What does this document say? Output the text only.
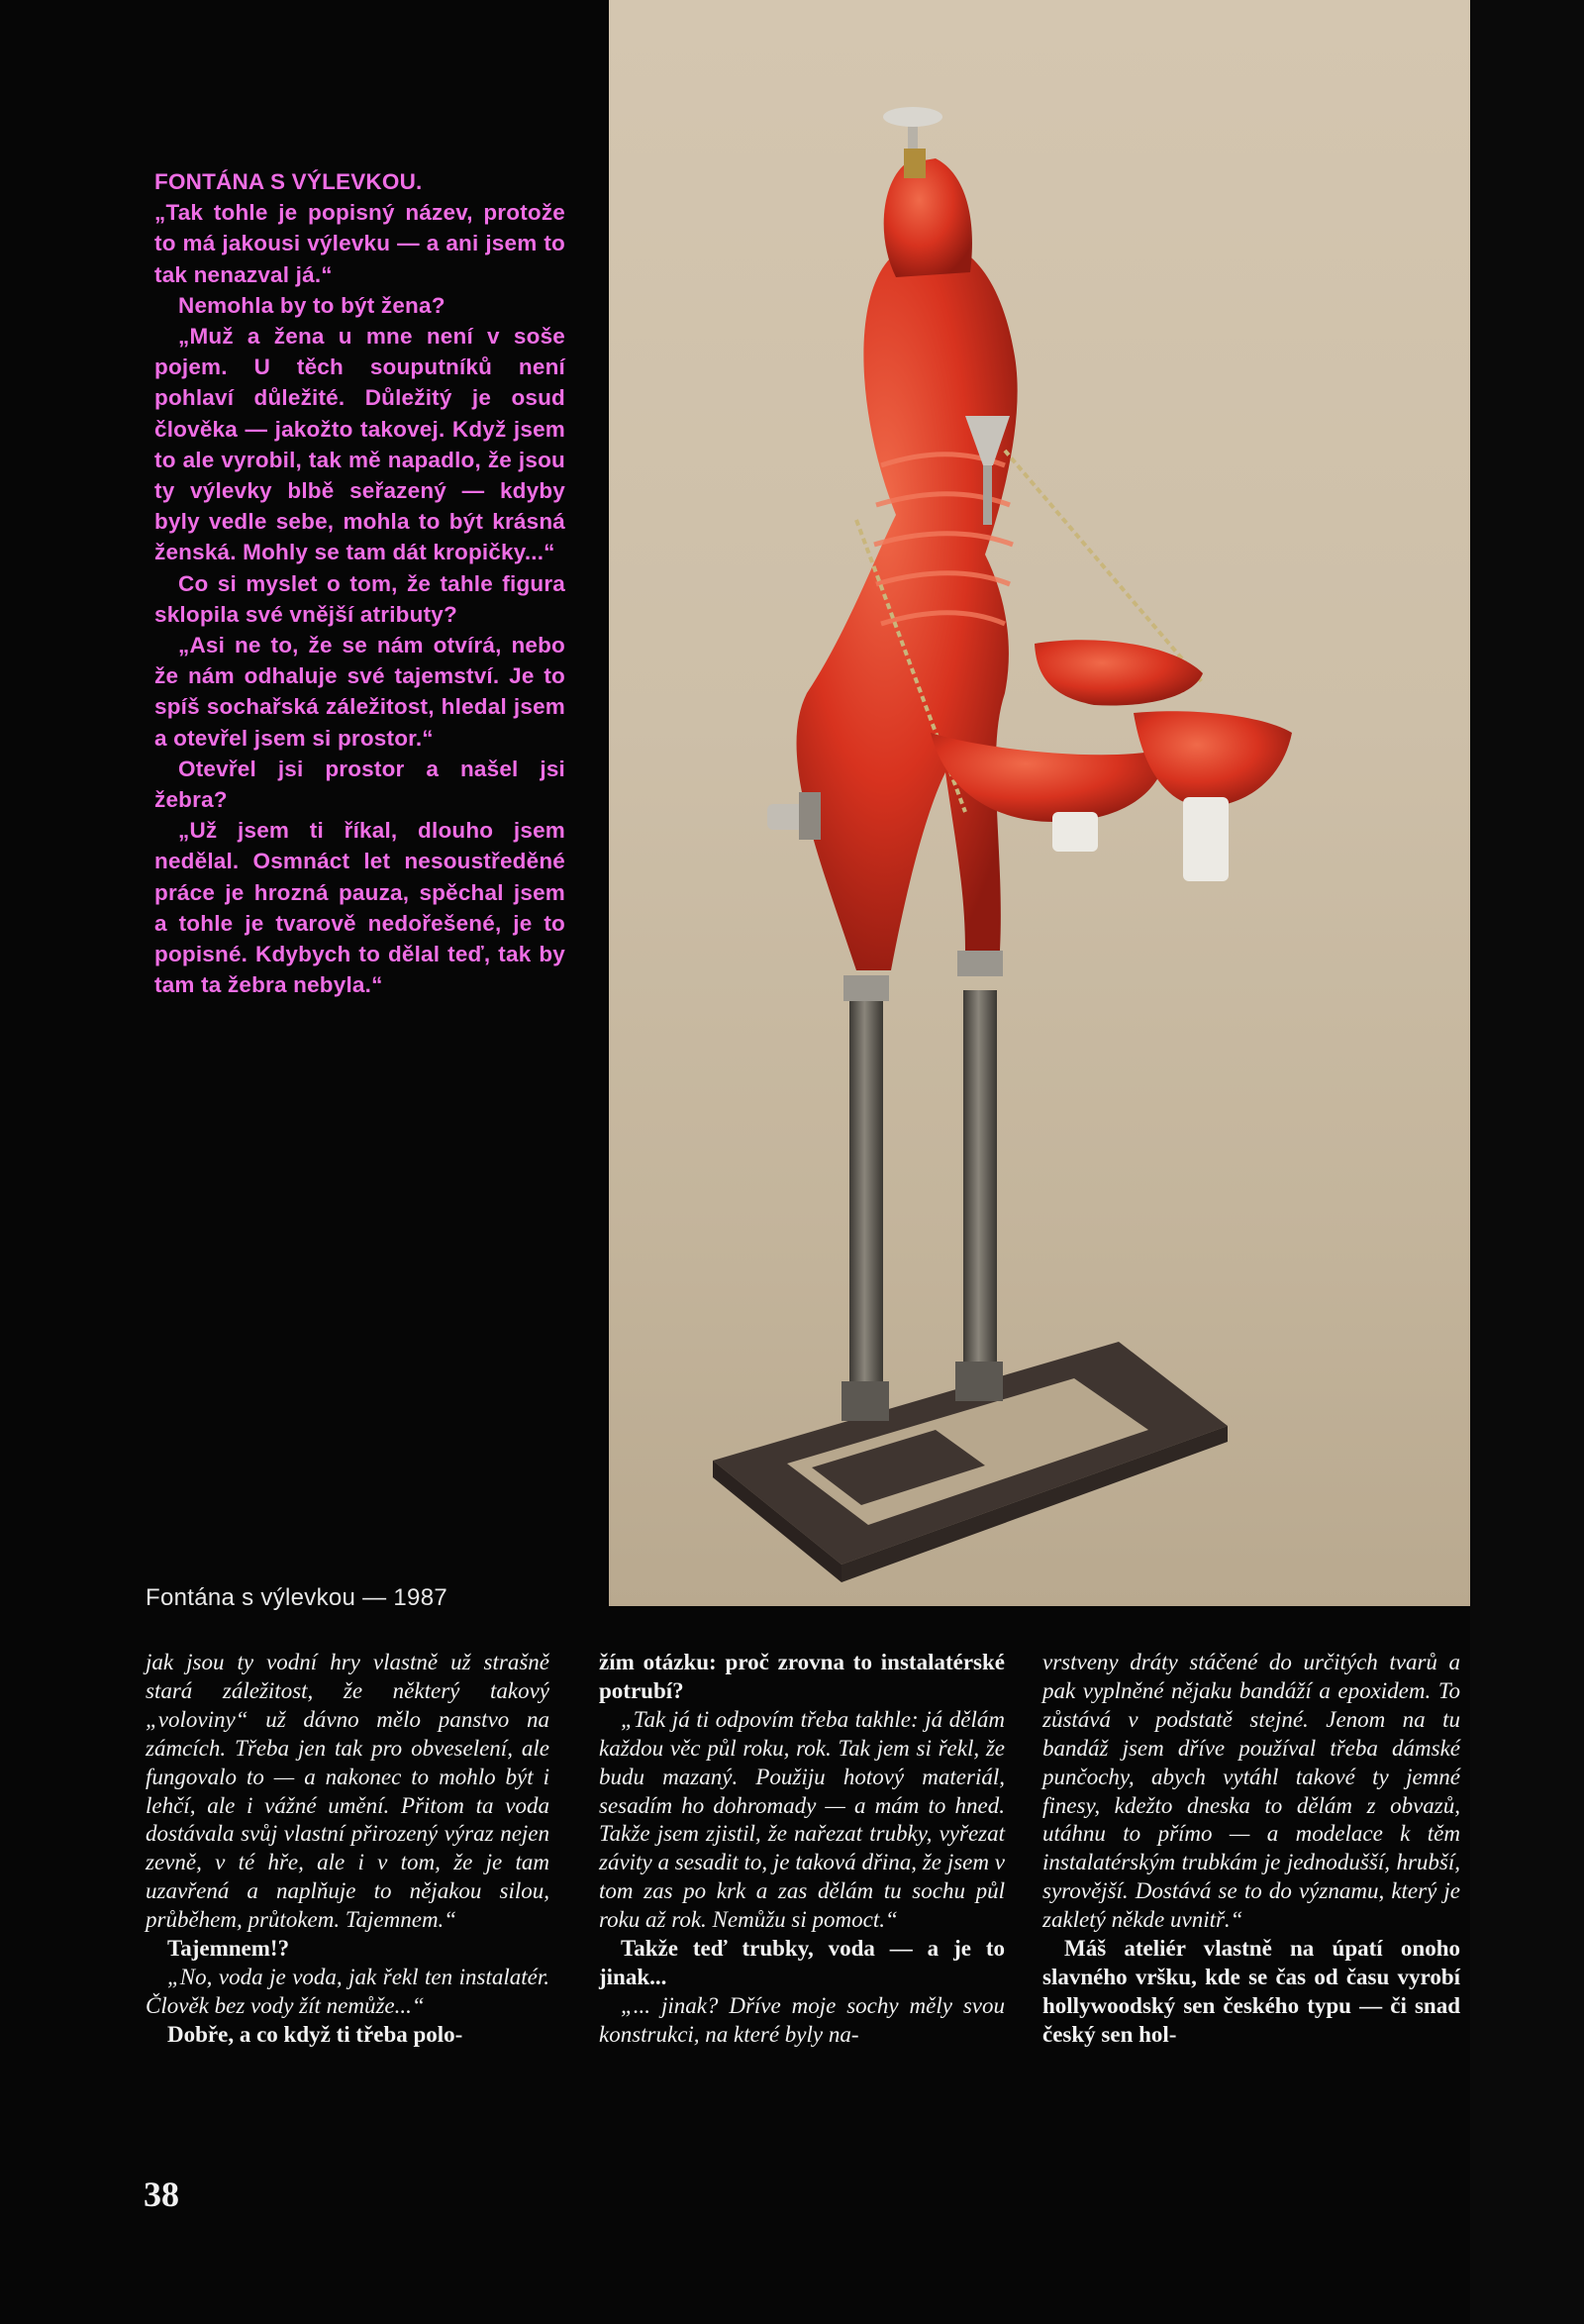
FONTÁNA S VÝLEVKOU.

„Tak tohle je popisný název, protože to má jakousi výlevku — a ani jsem to tak nenazval já.“

Nemohla by to být žena?

„Muž a žena u mne není v soše pojem. U těch souputníků není pohlaví důležité. Důležitý je osud člověka — jakožto takovej. Když jsem to ale vyrobil, tak mě napadlo, že jsou ty výlevky blbě seřazený — kdyby byly vedle sebe, mohla to být krásná ženská. Mohly se tam dát kropičky...“

Co si myslet o tom, že tahle figura sklopila své vnější atributy?

„Asi ne to, že se nám otvírá, nebo že nám odhaluje své tajemství. Je to spíš sochařská záležitost, hledal jsem a otevřel jsem si prostor.“

Otevřel jsi prostor a našel jsi žebra?

„Už jsem ti říkal, dlouho jsem nedělal. Osmnáct let nesoustředěné práce je hrozná pauza, spěchal jsem a tohle je tvarově nedořešené, je to popisné. Kdybych to dělal teď, tak by tam ta žebra nebyla.“

Fontána s výlevkou — 1987

jak jsou ty vodní hry vlastně už strašně stará záležitost, že některý takový „voloviny“ už dávno mělo panstvo na zámcích. Třeba jen tak pro obveselení, ale fungovalo to — a nakonec to mohlo být i lehčí, ale i vážné umění. Přitom ta voda dostávala svůj vlastní přirozený výraz nejen zevně, v té hře, ale i v tom, že je tam uzavřená a naplňuje to nějakou silou, průběhem, průtokem. Tajemnem.“

Tajemnem!?

„No, voda je voda, jak řekl ten instalatér. Člověk bez vody žít nemůže...“

Dobře, a co když ti třeba polo-

žím otázku: proč zrovna to instalatérské potrubí?

„Tak já ti odpovím třeba takhle: já dělám každou věc půl roku, rok. Tak jem si řekl, že budu mazaný. Použiju hotový materiál, sesadím ho dohromady — a mám to hned. Takže jsem zjistil, že nařezat trubky, vyřezat závity a sesadit to, je taková dřina, že jsem v tom zas po krk a zas dělám tu sochu půl roku až rok. Nemůžu si pomoct.“

Takže teď trubky, voda — a je to jinak...

„... jinak? Dříve moje sochy měly svou konstrukci, na které byly na-

vrstveny dráty stáčené do určitých tvarů a pak vyplněné nějaku bandáží a epoxidem. To zůstává v podstatě stejné. Jenom na tu bandáž jsem dříve používal třeba dámské punčochy, abych vytáhl takové ty jemné finesy, kdežto dneska to dělám z obvazů, utáhnu to přímo — a modelace k těm instalatérským trubkám je jednodušší, hrubší, syrovější. Dostává se to do významu, který je zakletý někde uvnitř.“

Máš ateliér vlastně na úpatí onoho slavného vršku, kde se čas od času vyrobí hollywoodský sen českého typu — či snad český sen hol-

38
